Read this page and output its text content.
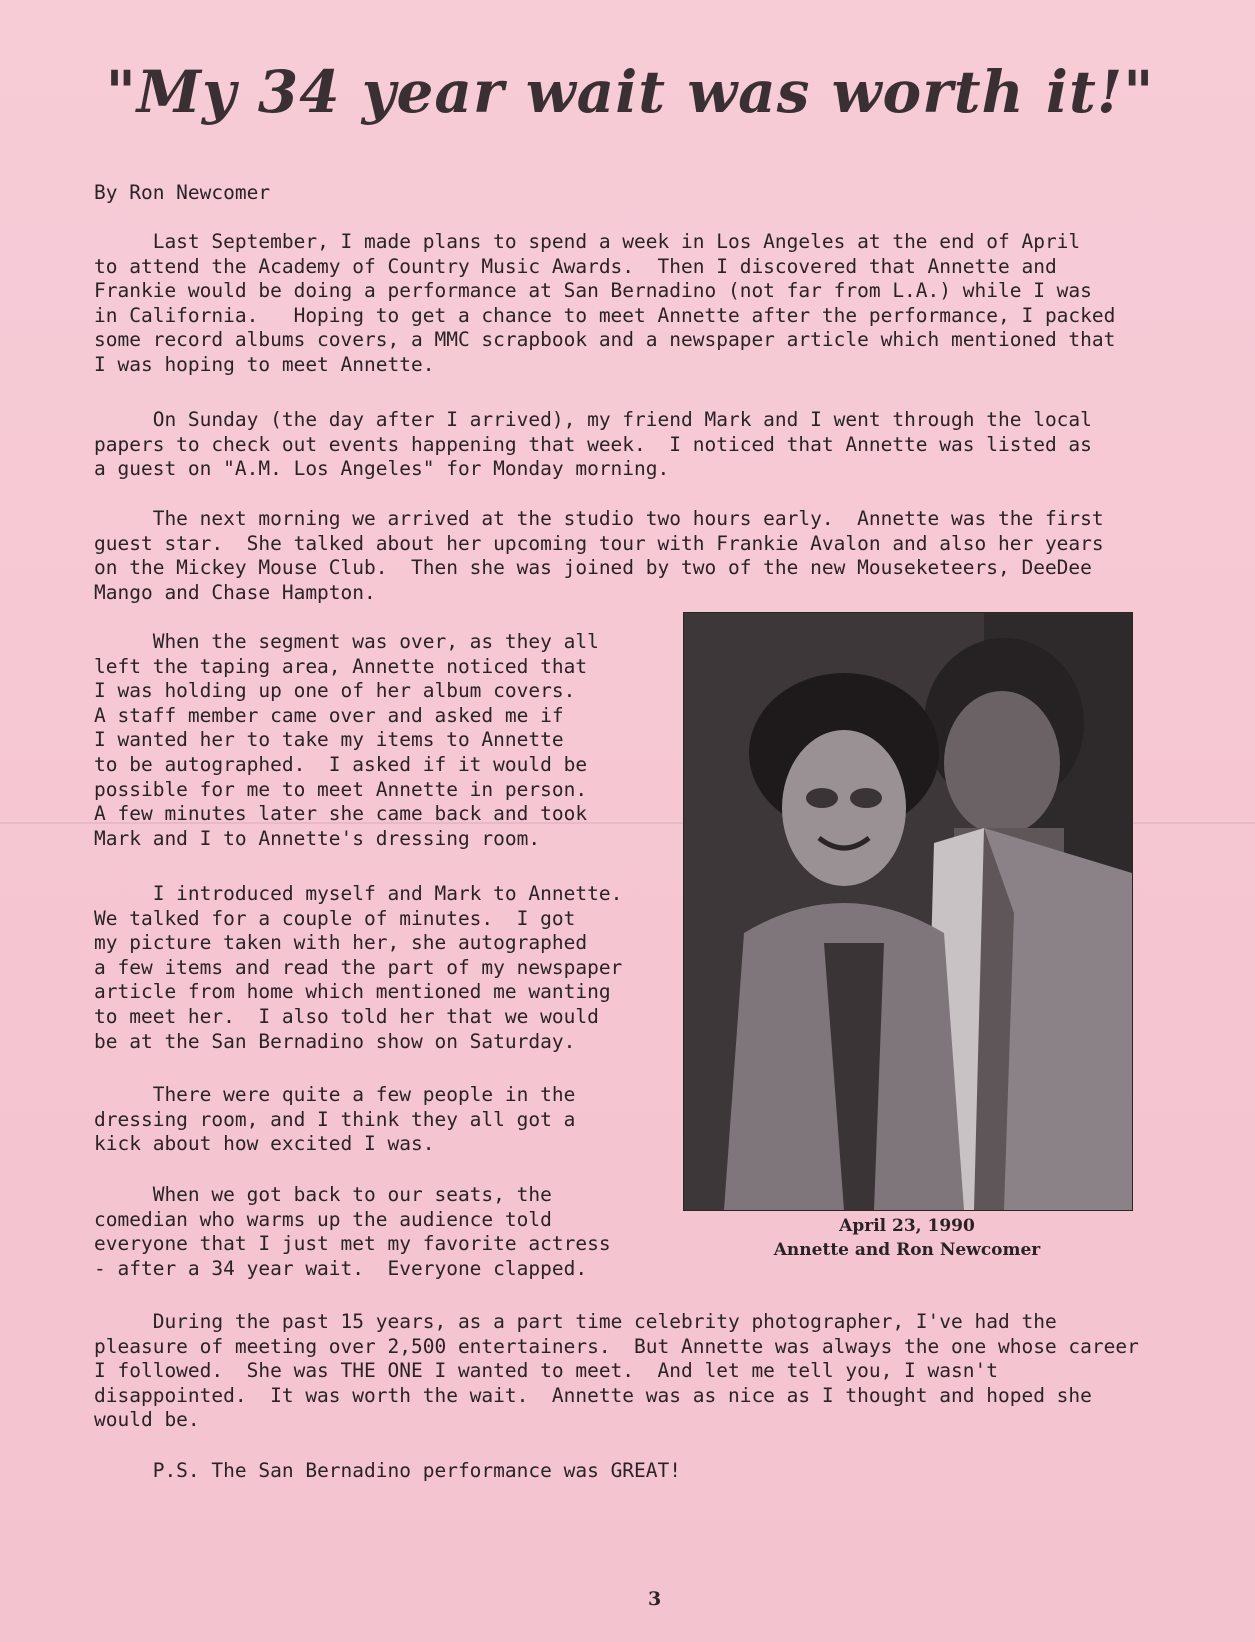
"My 34 year wait was worth it!"

By Ron Newcomer

Last September, I made plans to spend a week in Los Angeles at the end of April
to attend the Academy of Country Music Awards.  Then I discovered that Annette and
Frankie would be doing a performance at San Bernadino (not far from L.A.) while I was
in California.   Hoping to get a chance to meet Annette after the performance, I packed
some record albums covers, a MMC scrapbook and a newspaper article which mentioned that
I was hoping to meet Annette.

On Sunday (the day after I arrived), my friend Mark and I went through the local
papers to check out events happening that week.  I noticed that Annette was listed as
a guest on "A.M. Los Angeles" for Monday morning.

The next morning we arrived at the studio two hours early.  Annette was the first
guest star.  She talked about her upcoming tour with Frankie Avalon and also her years
on the Mickey Mouse Club.  Then she was joined by two of the new Mouseketeers, DeeDee
Mango and Chase Hampton.

When the segment was over, as they all
left the taping area, Annette noticed that
I was holding up one of her album covers.
A staff member came over and asked me if
I wanted her to take my items to Annette
to be autographed.  I asked if it would be
possible for me to meet Annette in person.
A few minutes later she came back and took
Mark and I to Annette's dressing room.

I introduced myself and Mark to Annette.
We talked for a couple of minutes.  I got
my picture taken with her, she autographed
a few items and read the part of my newspaper
article from home which mentioned me wanting
to meet her.  I also told her that we would
be at the San Bernadino show on Saturday.

There were quite a few people in the
dressing room, and I think they all got a
kick about how excited I was.

When we got back to our seats, the
comedian who warms up the audience told
everyone that I just met my favorite actress
- after a 34 year wait.  Everyone clapped.

During the past 15 years, as a part time celebrity photographer, I've had the
pleasure of meeting over 2,500 entertainers.  But Annette was always the one whose career
I followed.  She was THE ONE I wanted to meet.  And let me tell you, I wasn't
disappointed.  It was worth the wait.  Annette was as nice as I thought and hoped she
would be.

P.S. The San Bernadino performance was GREAT!

April 23, 1990
Annette and Ron Newcomer
3
